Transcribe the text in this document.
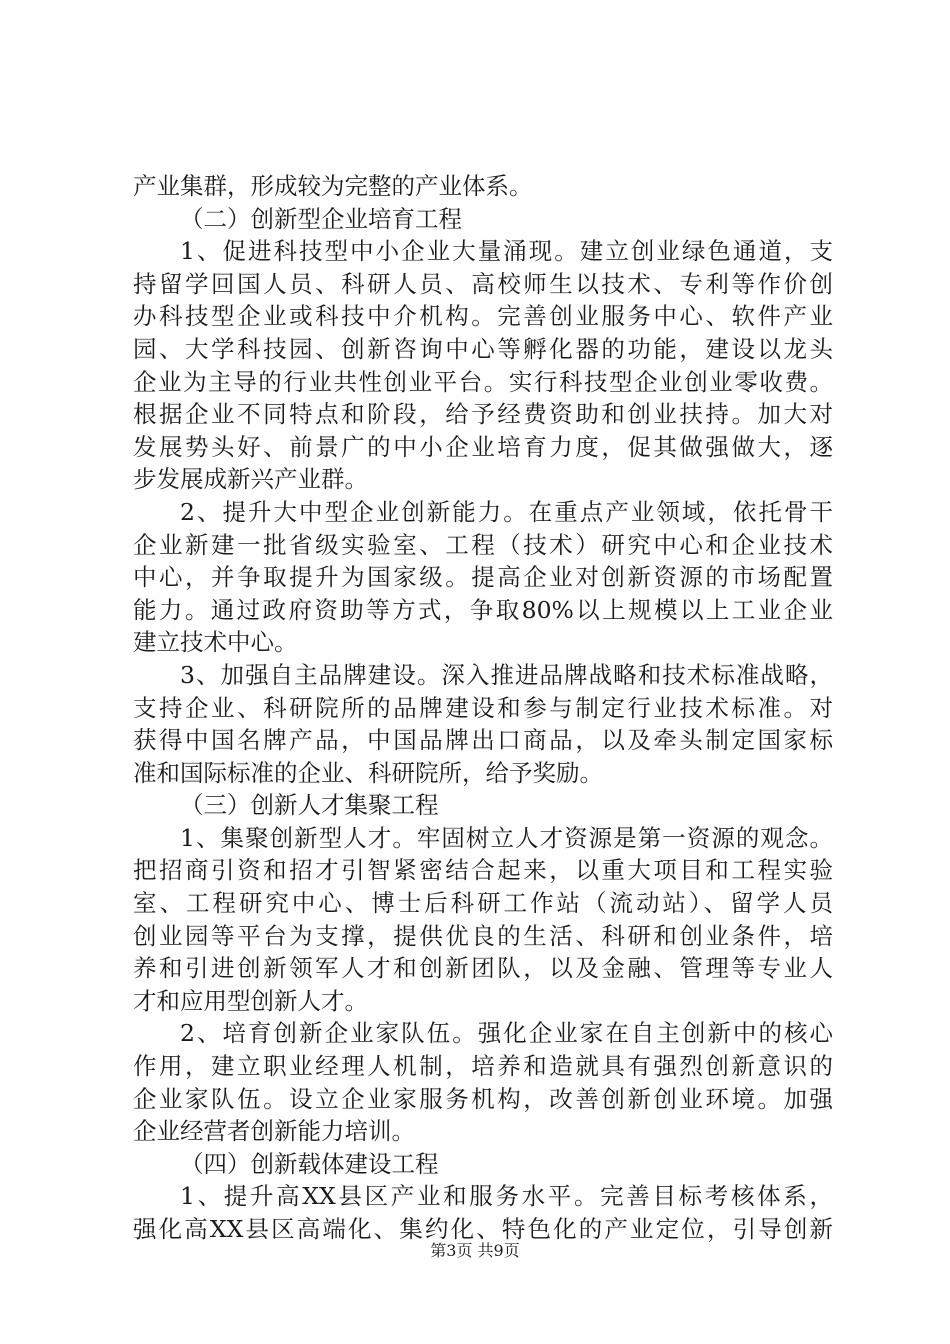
产业集群，形成较为完整的产业体系。
（二）创新型企业培育工程
1、促进科技型中小企业大量涌现。建立创业绿色通道，支
持留学回国人员、科研人员、高校师生以技术、专利等作价创
办科技型企业或科技中介机构。完善创业服务中心、软件产业
园、大学科技园、创新咨询中心等孵化器的功能，建设以龙头
企业为主导的行业共性创业平台。实行科技型企业创业零收费。
根据企业不同特点和阶段，给予经费资助和创业扶持。加大对
发展势头好、前景广的中小企业培育力度，促其做强做大，逐
步发展成新兴产业群。
2、提升大中型企业创新能力。在重点产业领域，依托骨干
企业新建一批省级实验室、工程（技术）研究中心和企业技术
中心，并争取提升为国家级。提高企业对创新资源的市场配置
能力。通过政府资助等方式，争取80%以上规模以上工业企业
建立技术中心。
3、加强自主品牌建设。深入推进品牌战略和技术标准战略，
支持企业、科研院所的品牌建设和参与制定行业技术标准。对
获得中国名牌产品，中国品牌出口商品，以及牵头制定国家标
准和国际标准的企业、科研院所，给予奖励。
（三）创新人才集聚工程
1、集聚创新型人才。牢固树立人才资源是第一资源的观念。
把招商引资和招才引智紧密结合起来，以重大项目和工程实验
室、工程研究中心、博士后科研工作站（流动站）、留学人员
创业园等平台为支撑，提供优良的生活、科研和创业条件，培
养和引进创新领军人才和创新团队，以及金融、管理等专业人
才和应用型创新人才。
2、培育创新企业家队伍。强化企业家在自主创新中的核心
作用，建立职业经理人机制，培养和造就具有强烈创新意识的
企业家队伍。设立企业家服务机构，改善创新创业环境。加强
企业经营者创新能力培训。
（四）创新载体建设工程
1、提升高XX县区产业和服务水平。完善目标考核体系，
强化高XX县区高端化、集约化、特色化的产业定位，引导创新
第3页 共9页
